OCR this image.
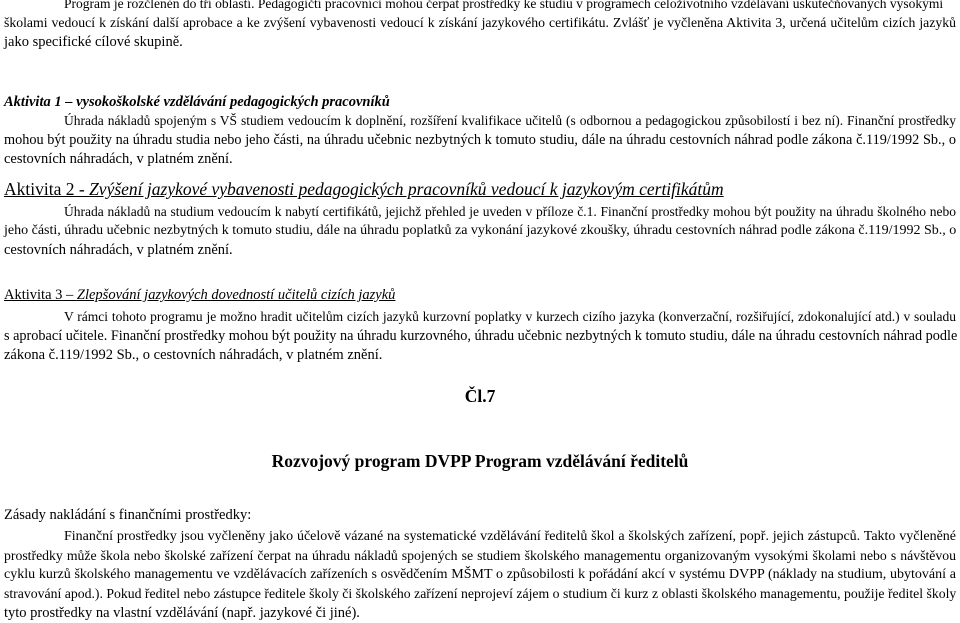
Program je rozčleněn do tří oblastí. Pedagogičtí pracovníci mohou čerpat prostředky ke studiu v programech celoživotního vzdělávání uskutečňovaných vysokými
školami vedoucí k získání další aprobace a ke zvýšení vybavenosti vedoucí k získání jazykového certifikátu. Zvlášť je vyčleněna Aktivita 3, určená učitelům cizích jazyků
jako specifické cílové skupině.
Aktivita 1 – vysokoškolské vzdělávání pedagogických pracovníků
Úhrada nákladů spojeným s VŠ studiem vedoucím k doplnění, rozšíření kvalifikace učitelů (s odbornou a pedagogickou způsobilostí i bez ní). Finanční prostředky
mohou být použity na úhradu studia nebo jeho části, na úhradu učebnic nezbytných k tomuto studiu, dále na úhradu cestovních náhrad podle zákona č.119/1992 Sb., o
cestovních náhradách, v platném znění.
Aktivita 2 - Zvýšení jazykové vybavenosti pedagogických pracovníků vedoucí k jazykovým certifikátům
Úhrada nákladů na studium vedoucím k nabytí certifikátů, jejichž přehled je uveden v příloze č.1. Finanční prostředky mohou být použity na úhradu školného nebo
jeho části, úhradu učebnic nezbytných k tomuto studiu, dále na úhradu poplatků za vykonání jazykové zkoušky, úhradu cestovních náhrad podle zákona č.119/1992 Sb., o
cestovních náhradách, v platném znění.
Aktivita 3 – Zlepšování jazykových dovedností učitelů cizích jazyků
V rámci tohoto programu je možno hradit učitelům cizích jazyků kurzovní poplatky v kurzech cizího jazyka (konverzační, rozšiřující, zdokonalující atd.) v souladu
s aprobací učitele. Finanční prostředky mohou být použity na úhradu kurzovného, úhradu učebnic nezbytných k tomuto studiu, dále na úhradu cestovních náhrad podle
zákona č.119/1992 Sb., o cestovních náhradách, v platném znění.
Čl.7
Rozvojový program DVPP Program vzdělávání ředitelů
Zásady nakládání s finančními prostředky:
Finanční prostředky jsou vyčleněny jako účelově vázané na systematické vzdělávání ředitelů škol a školských zařízení, popř. jejich zástupců. Takto vyčleněné
prostředky může škola nebo školské zařízení čerpat na úhradu nákladů spojených se studiem školského managementu organizovaným vysokými školami nebo s návštěvou
cyklu kurzů školského managementu ve vzdělávacích zařízeních s osvědčením MŠMT o způsobilosti k pořádání akcí v systému DVPP (náklady na studium, ubytování a
stravování apod.). Pokud ředitel nebo zástupce ředitele školy či školského zařízení neprojeví zájem o studium či kurz z oblasti školského managementu, použije ředitel školy
tyto prostředky na vlastní vzdělávání (např. jazykové či jiné).
